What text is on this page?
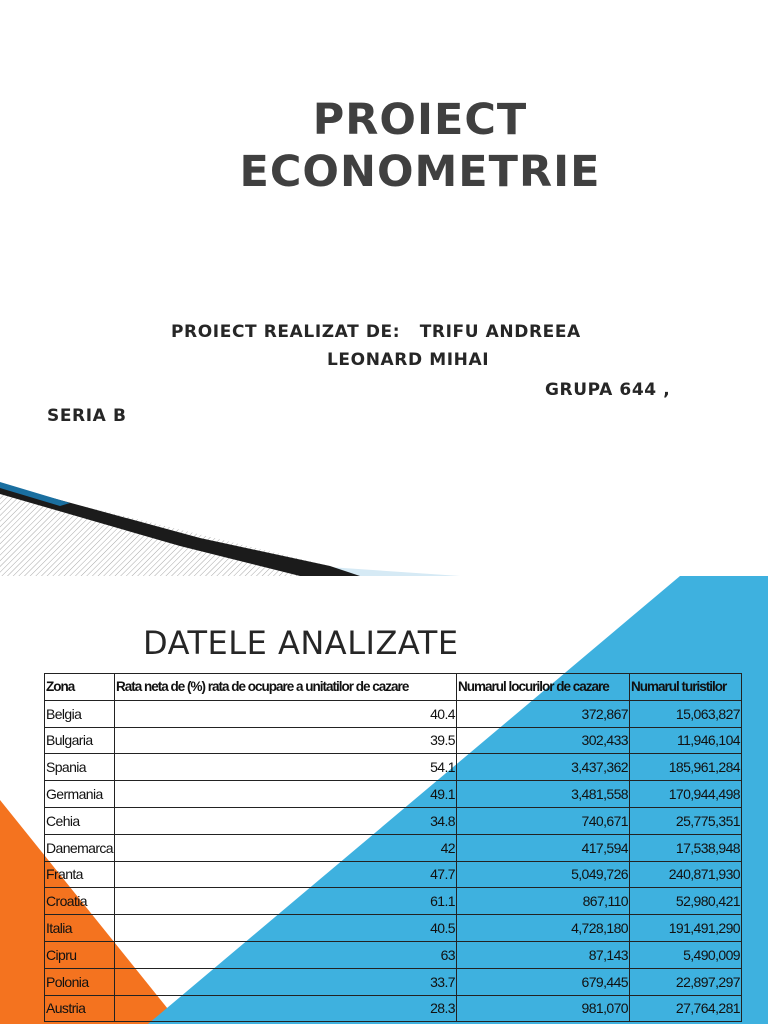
PROIECT
ECONOMETRIE
PROIECT REALIZAT DE:   TRIFU ANDREEA
LEONARD MIHAI
GRUPA 644 ,
SERIA B
DATELE ANALIZATE
Zona	Rata neta de (%) rata de ocupare a unitatilor de cazare	Numarul locurilor de cazare	Numarul turistilor
Belgia	40.4	372,867	15,063,827
Bulgaria	39.5	302,433	11,946,104
Spania	54.1	3,437,362	185,961,284
Germania	49.1	3,481,558	170,944,498
Cehia	34.8	740,671	25,775,351
Danemarca	42	417,594	17,538,948
Franta	47.7	5,049,726	240,871,930
Croatia	61.1	867,110	52,980,421
Italia	40.5	4,728,180	191,491,290
Cipru	63	87,143	5,490,009
Polonia	33.7	679,445	22,897,297
Austria	28.3	981,070	27,764,281
